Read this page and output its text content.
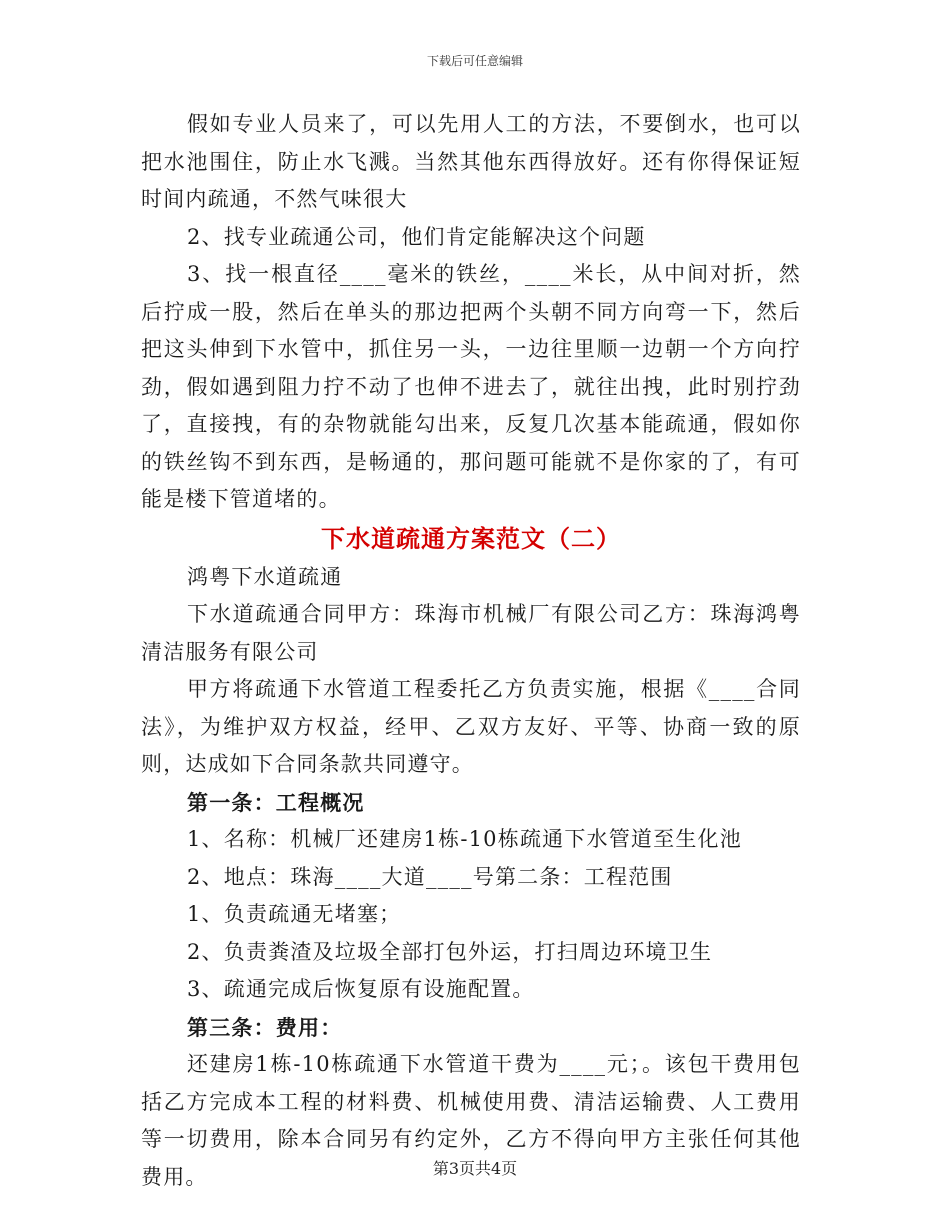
下载后可任意编辑

假如专业人员来了，可以先用人工的方法，不要倒水，也可以把水池围住，防止水飞溅。当然其他东西得放好。还有你得保证短时间内疏通，不然气味很大

2、找专业疏通公司，他们肯定能解决这个问题

3、找一根直径____毫米的铁丝，____米长，从中间对折，然后拧成一股，然后在单头的那边把两个头朝不同方向弯一下，然后把这头伸到下水管中，抓住另一头，一边往里顺一边朝一个方向拧劲，假如遇到阻力拧不动了也伸不进去了，就往出拽，此时别拧劲了，直接拽，有的杂物就能勾出来，反复几次基本能疏通，假如你的铁丝钩不到东西，是畅通的，那问题可能就不是你家的了，有可能是楼下管道堵的。

下水道疏通方案范文（二）

鸿粤下水道疏通

下水道疏通合同甲方：珠海市机械厂有限公司乙方：珠海鸿粤清洁服务有限公司

甲方将疏通下水管道工程委托乙方负责实施，根据《____合同法》，为维护双方权益，经甲、乙双方友好、平等、协商一致的原则，达成如下合同条款共同遵守。

第一条：工程概况

1、名称：机械厂还建房1栋-10栋疏通下水管道至生化池

2、地点：珠海____大道____号第二条：工程范围

1、负责疏通无堵塞；

2、负责粪渣及垃圾全部打包外运，打扫周边环境卫生

3、疏通完成后恢复原有设施配置。

第三条：费用：

还建房1栋-10栋疏通下水管道干费为____元；。该包干费用包括乙方完成本工程的材料费、机械使用费、清洁运输费、人工费用等一切费用，除本合同另有约定外，乙方不得向甲方主张任何其他费用。	第3页共4页
